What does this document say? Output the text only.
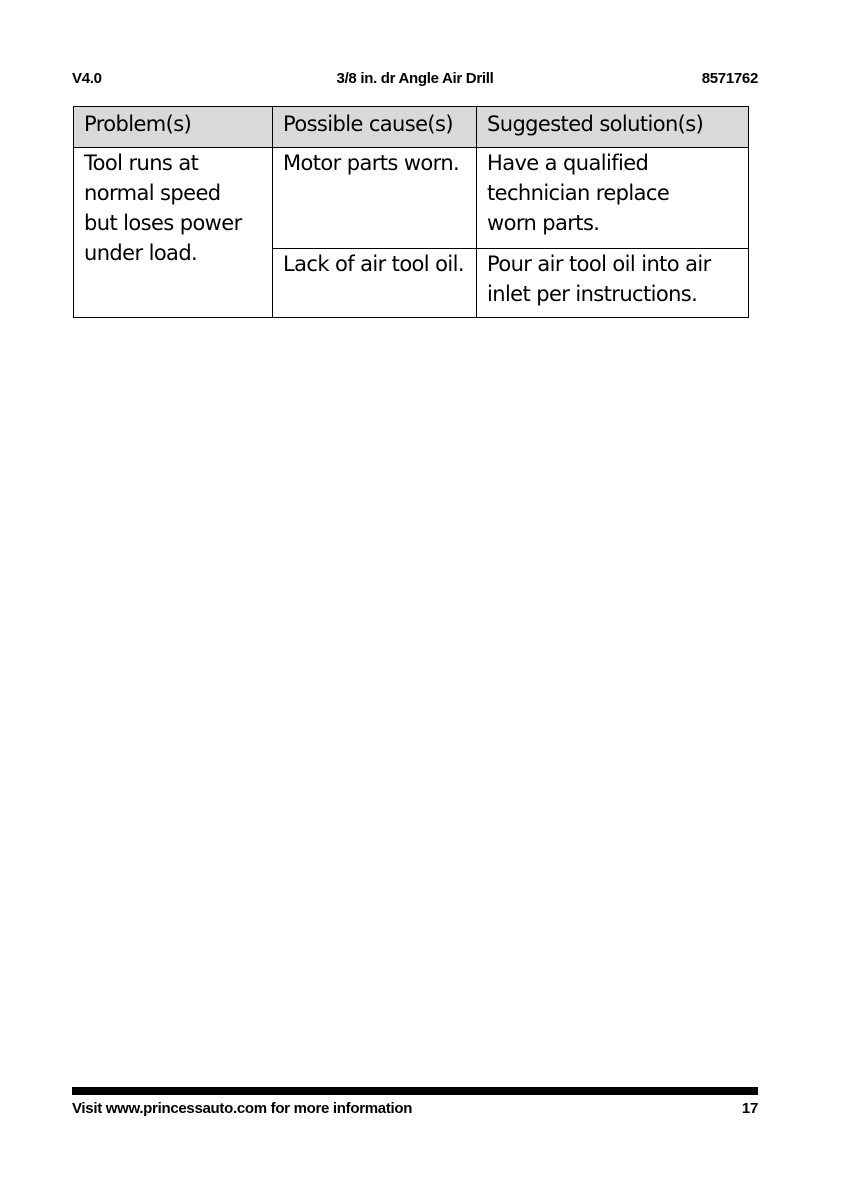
V4.0	3/8 in. dr Angle Air Drill	8571762
Problem(s)	Possible cause(s)	Suggested solution(s)

Tool runs at normal speed but loses power under load.	Motor parts worn.	Have a qualified technician replace worn parts.

	Lack of air tool oil.	Pour air tool oil into air inlet per instructions.
Visit www.princessauto.com for more information	17
